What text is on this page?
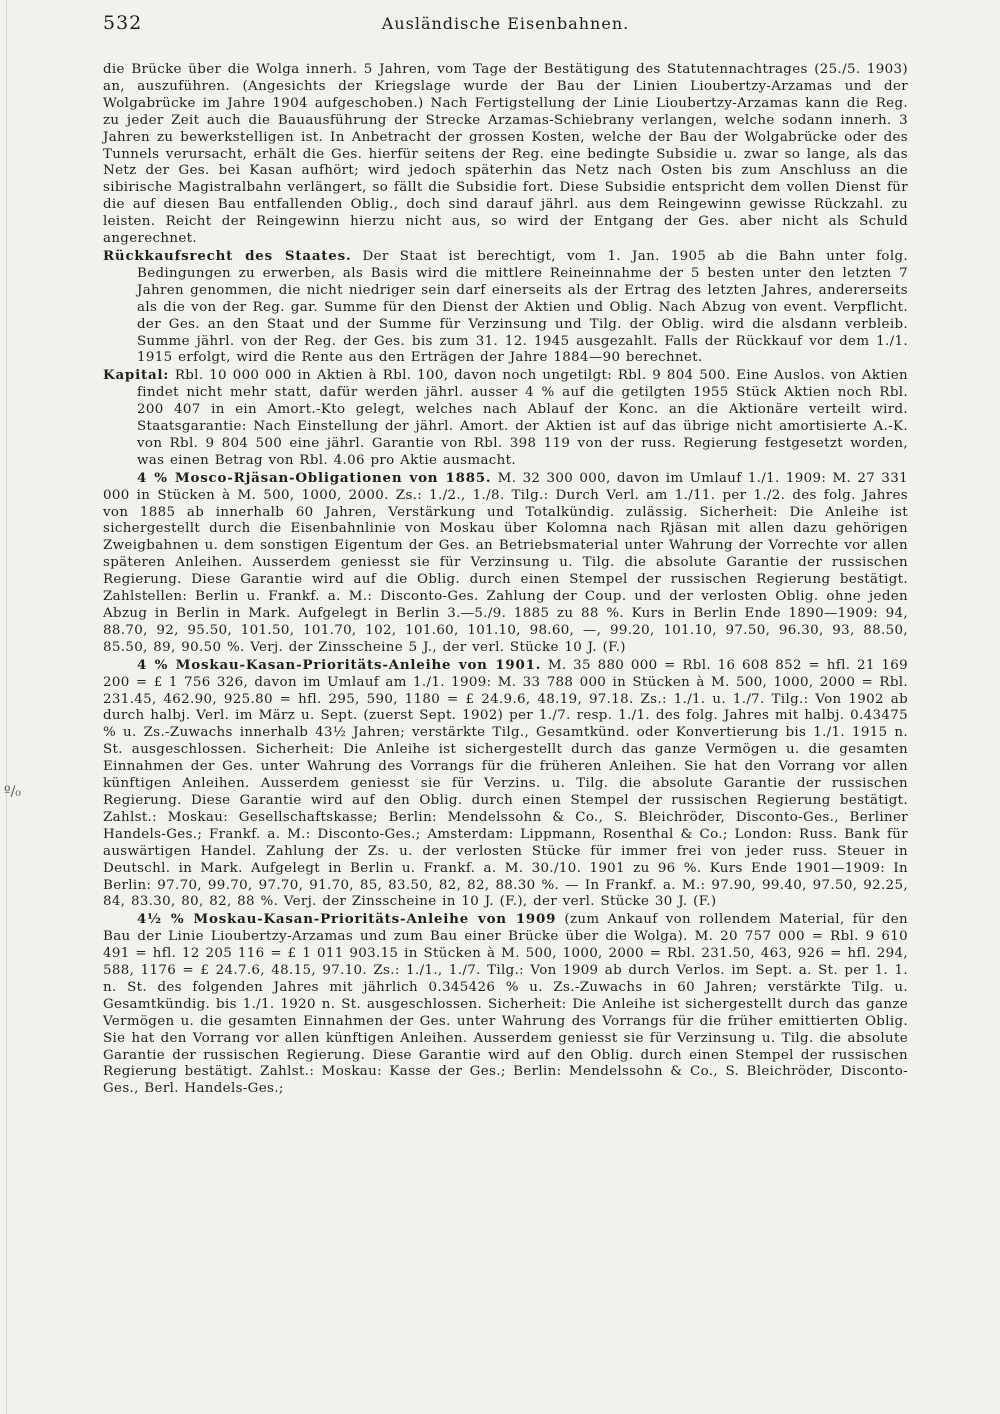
532	Ausländische Eisenbahnen.
º/₀

die Brücke über die Wolga innerh. 5 Jahren, vom Tage der Bestätigung des Statutennachtrages (25./5. 1903) an, auszuführen. (Angesichts der Kriegslage wurde der Bau der Linien Lioubertzy-Arzamas und der Wolgabrücke im Jahre 1904 aufgeschoben.) Nach Fertigstellung der Linie Lioubertzy-Arzamas kann die Reg. zu jeder Zeit auch die Bauausführung der Strecke Arzamas-Schiebrany verlangen, welche sodann innerh. 3 Jahren zu bewerkstelligen ist. In Anbetracht der grossen Kosten, welche der Bau der Wolgabrücke oder des Tunnels verursacht, erhält die Ges. hierfür seitens der Reg. eine bedingte Subsidie u. zwar so lange, als das Netz der Ges. bei Kasan aufhört; wird jedoch späterhin das Netz nach Osten bis zum Anschluss an die sibirische Magistralbahn verlängert, so fällt die Subsidie fort. Diese Subsidie entspricht dem vollen Dienst für die auf diesen Bau entfallenden Oblig., doch sind darauf jährl. aus dem Reingewinn gewisse Rückzahl. zu leisten. Reicht der Reingewinn hierzu nicht aus, so wird der Entgang der Ges. aber nicht als Schuld angerechnet.

Rückkaufsrecht des Staates. Der Staat ist berechtigt, vom 1. Jan. 1905 ab die Bahn unter folg. Bedingungen zu erwerben, als Basis wird die mittlere Reineinnahme der 5 besten unter den letzten 7 Jahren genommen, die nicht niedriger sein darf einerseits als der Ertrag des letzten Jahres, andererseits als die von der Reg. gar. Summe für den Dienst der Aktien und Oblig. Nach Abzug von event. Verpflicht. der Ges. an den Staat und der Summe für Verzinsung und Tilg. der Oblig. wird die alsdann verbleib. Summe jährl. von der Reg. der Ges. bis zum 31. 12. 1945 ausgezahlt. Falls der Rückkauf vor dem 1./1. 1915 erfolgt, wird die Rente aus den Erträgen der Jahre 1884—90 berechnet.

Kapital: Rbl. 10 000 000 in Aktien à Rbl. 100, davon noch ungetilgt: Rbl. 9 804 500. Eine Auslos. von Aktien findet nicht mehr statt, dafür werden jährl. ausser 4 % auf die getilgten 1955 Stück Aktien noch Rbl. 200 407 in ein Amort.-Kto gelegt, welches nach Ablauf der Konc. an die Aktionäre verteilt wird. Staatsgarantie: Nach Einstellung der jährl. Amort. der Aktien ist auf das übrige nicht amortisierte A.-K. von Rbl. 9 804 500 eine jährl. Garantie von Rbl. 398 119 von der russ. Regierung festgesetzt worden, was einen Betrag von Rbl. 4.06 pro Aktie ausmacht.

4 % Mosco-Rjäsan-Obligationen von 1885. M. 32 300 000, davon im Umlauf 1./1. 1909: M. 27 331 000 in Stücken à M. 500, 1000, 2000. Zs.: 1./2., 1./8. Tilg.: Durch Verl. am 1./11. per 1./2. des folg. Jahres von 1885 ab innerhalb 60 Jahren, Verstärkung und Totalkündig. zulässig. Sicherheit: Die Anleihe ist sichergestellt durch die Eisenbahnlinie von Moskau über Kolomna nach Rjäsan mit allen dazu gehörigen Zweigbahnen u. dem sonstigen Eigentum der Ges. an Betriebsmaterial unter Wahrung der Vorrechte vor allen späteren Anleihen. Ausserdem geniesst sie für Verzinsung u. Tilg. die absolute Garantie der russischen Regierung. Diese Garantie wird auf die Oblig. durch einen Stempel der russischen Regierung bestätigt. Zahlstellen: Berlin u. Frankf. a. M.: Disconto-Ges. Zahlung der Coup. und der verlosten Oblig. ohne jeden Abzug in Berlin in Mark. Aufgelegt in Berlin 3.—5./9. 1885 zu 88 %. Kurs in Berlin Ende 1890—1909: 94, 88.70, 92, 95.50, 101.50, 101.70, 102, 101.60, 101.10, 98.60, —, 99.20, 101.10, 97.50, 96.30, 93, 88.50, 85.50, 89, 90.50 %. Verj. der Zinsscheine 5 J., der verl. Stücke 10 J. (F.)

4 % Moskau-Kasan-Prioritäts-Anleihe von 1901. M. 35 880 000 = Rbl. 16 608 852 = hfl. 21 169 200 = £ 1 756 326, davon im Umlauf am 1./1. 1909: M. 33 788 000 in Stücken à M. 500, 1000, 2000 = Rbl. 231.45, 462.90, 925.80 = hfl. 295, 590, 1180 = £ 24.9.6, 48.19, 97.18. Zs.: 1./1. u. 1./7. Tilg.: Von 1902 ab durch halbj. Verl. im März u. Sept. (zuerst Sept. 1902) per 1./7. resp. 1./1. des folg. Jahres mit halbj. 0.43475 % u. Zs.-Zuwachs innerhalb 43½ Jahren; verstärkte Tilg., Gesamtkünd. oder Konvertierung bis 1./1. 1915 n. St. ausgeschlossen. Sicherheit: Die Anleihe ist sichergestellt durch das ganze Vermögen u. die gesamten Einnahmen der Ges. unter Wahrung des Vorrangs für die früheren Anleihen. Sie hat den Vorrang vor allen künftigen Anleihen. Ausserdem geniesst sie für Verzins. u. Tilg. die absolute Garantie der russischen Regierung. Diese Garantie wird auf den Oblig. durch einen Stempel der russischen Regierung bestätigt. Zahlst.: Moskau: Gesellschaftskasse; Berlin: Mendelssohn & Co., S. Bleichröder, Disconto-Ges., Berliner Handels-Ges.; Frankf. a. M.: Disconto-Ges.; Amsterdam: Lippmann, Rosenthal & Co.; London: Russ. Bank für auswärtigen Handel. Zahlung der Zs. u. der verlosten Stücke für immer frei von jeder russ. Steuer in Deutschl. in Mark. Aufgelegt in Berlin u. Frankf. a. M. 30./10. 1901 zu 96 %. Kurs Ende 1901—1909: In Berlin: 97.70, 99.70, 97.70, 91.70, 85, 83.50, 82, 82, 88.30 %. — In Frankf. a. M.: 97.90, 99.40, 97.50, 92.25, 84, 83.30, 80, 82, 88 %. Verj. der Zinsscheine in 10 J. (F.), der verl. Stücke 30 J. (F.)

4½ % Moskau-Kasan-Prioritäts-Anleihe von 1909 (zum Ankauf von rollendem Material, für den Bau der Linie Lioubertzy-Arzamas und zum Bau einer Brücke über die Wolga). M. 20 757 000 = Rbl. 9 610 491 = hfl. 12 205 116 = £ 1 011 903.15 in Stücken à M. 500, 1000, 2000 = Rbl. 231.50, 463, 926 = hfl. 294, 588, 1176 = £ 24.7.6, 48.15, 97.10. Zs.: 1./1., 1./7. Tilg.: Von 1909 ab durch Verlos. im Sept. a. St. per 1. 1. n. St. des folgenden Jahres mit jährlich 0.345426 % u. Zs.-Zuwachs in 60 Jahren; verstärkte Tilg. u. Gesamtkündig. bis 1./1. 1920 n. St. ausgeschlossen. Sicherheit: Die Anleihe ist sichergestellt durch das ganze Vermögen u. die gesamten Einnahmen der Ges. unter Wahrung des Vorrangs für die früher emittierten Oblig. Sie hat den Vorrang vor allen künftigen Anleihen. Ausserdem geniesst sie für Verzinsung u. Tilg. die absolute Garantie der russischen Regierung. Diese Garantie wird auf den Oblig. durch einen Stempel der russischen Regierung bestätigt. Zahlst.: Moskau: Kasse der Ges.; Berlin: Mendelssohn & Co., S. Bleichröder, Disconto-Ges., Berl. Handels-Ges.;
